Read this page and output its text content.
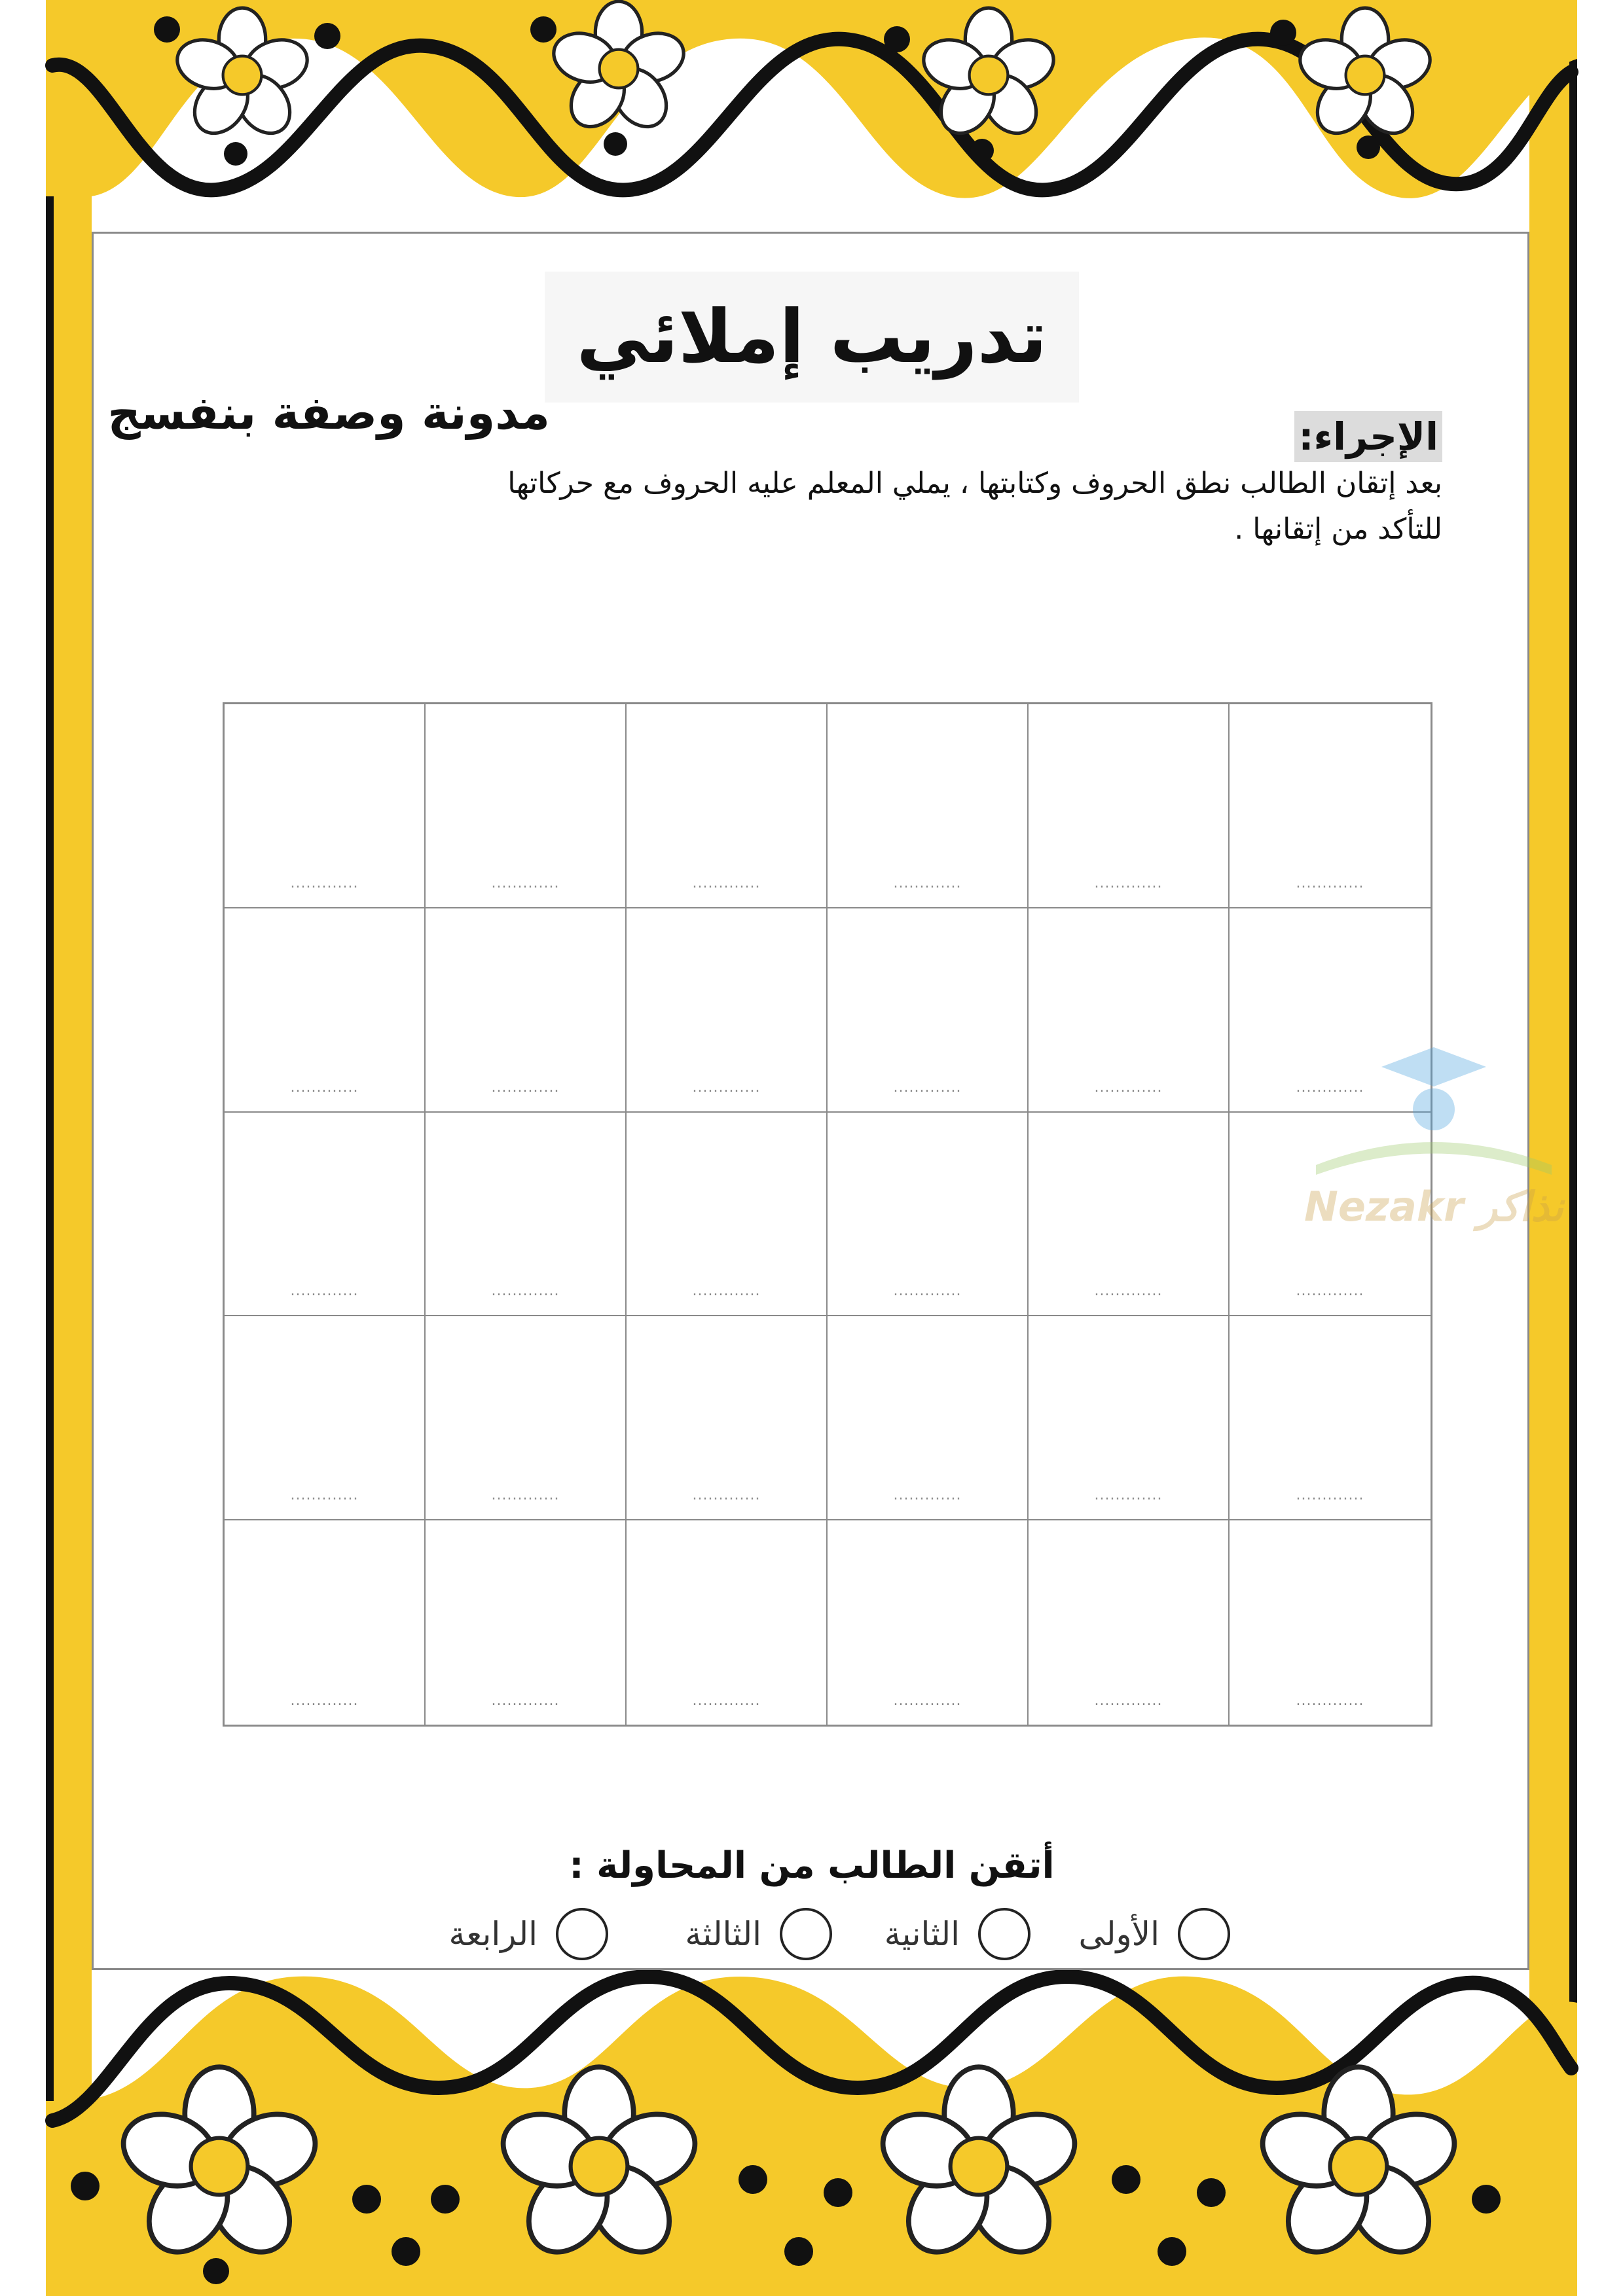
تدريب إملائي
مدونة وصفة بنفسج	الإجراء:
بعد إتقان الطالب نطق الحروف وكتابتها ، يملي المعلم عليه الحروف مع حركاتها
للتأكد من إتقانها .
.............	.............	.............	.............	.............	.............
.............	.............	.............	.............	.............	.............
.............	.............	.............	.............	.............	.............
.............	.............	.............	.............	.............	.............
.............	.............	.............	.............	.............	.............
أتقن الطالب من المحاولة :
الأولى
الثانية
الثالثة
الرابعة
Nezakr نذاكر
